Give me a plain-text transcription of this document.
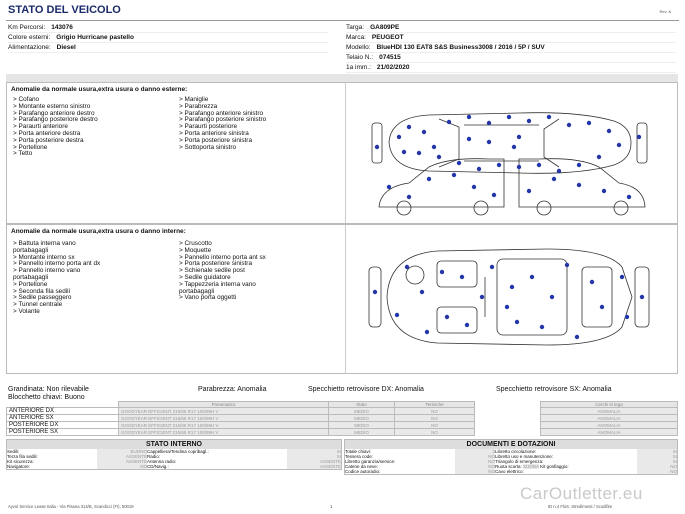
STATO DEL VEICOLO	Rev. A
Km Percorsi: 143076
Colore esterni: Grigio Hurricane pastello
Alimentazione: Diesel
Targa: GA809PE
Marca: PEUGEOT
Modello: BlueHDI 130 EAT8 S&S Business3008 / 2016 / 5P / SUV
Telaio N.: 074515
1a imm.: 21/02/2020
Anomalie da normale usura,extra usura o danno esterne:
> Cofano
> Montante esterno sinistro
> Parafango anteriore destro
> Parafango posteriore destro
> Paraurti anteriore
> Porta anteriore destra
> Porta posteriore destra
> Portellone
> Tetto
> Maniglie
> Parabrezza
> Parafango anteriore sinistro
> Parafango posteriore sinistro
> Paraurti posteriore
> Porta anteriore sinistra
> Porta posteriore sinistra
> Sottoporta sinistro
Anomalie da normale usura,extra usura o danno interne:
> Battuta interna vano
portabagagli
> Montante interno sx
> Pannello interno porta ant dx
> Pannello interno vano
portabagagli
> Portellone
> Seconda fila sedili
> Sedile passeggero
> Tunnel centrale
> Volante
> Cruscotto
> Moquette
> Pannello interno porta ant sx
> Porta posteriore sinistra
> Schienale sedile post
> Sedile guidatore
> Tappezzeria interna vano
portabagagli
> Vano porta oggetti
Grandinata: Non rilevabile	Parabrezza: Anomalia	Specchietto retrovisore DX: Anomalia	Specchietto retrovisore SX: Anomalia
Blocchetto chiavi: Buono
	Pneumatico	Stato	Termiche		Cerchi in lega
ANTERIORE DX	GOODYEAR EFFICIENT 215/65 R17 100/99H V	MEDIO	NO		ANOMALIA
ANTERIORE SX	GOODYEAR EFFICIENT 215/65 R17 100/99H V	MEDIO	NO		ANOMALIA
POSTERIORE DX	GOODYEAR EFFICIENT 215/65 R17 100/99H V	MEDIO	NO		ANOMALIA
POSTERIORE SX	GOODYEAR EFFICIENT 215/65 R17 100/99H V	MEDIO	NO		ANOMALIA
STATO INTERNO
Sedili:	BUONO	Cappelliera/Tendina copribagl.:	SI
Terza fila sedili:	ASSENTE	Radio:	SI
Kit sicurezza:	ASSENTE	Antenna radio:	ASSENTE
Navigatore:	NO	CD/Navig.:	ASSENTE
DOCUMENTI E DOTAZIONI
Totale chiavi:	2	Libretto circolazione:	SI
Tessera code:	NO	Libretto uso e manutenzione:	SI
Libretto garanzia/service:	NO	Triangolo di emergenza:	SI
Catene da neve:	NO	Ruota scorta: SUONA Kit gonfiaggio:	NO
Codice autoradio:	NO	Cavo elettrico:	NO
Ayvol Service Lease Italia - Via Pisana 314/B, Scandicci (FI), 50018	1	ID n.4 FloS. Stredimenti / Scudifire
CarOutletter.eu
